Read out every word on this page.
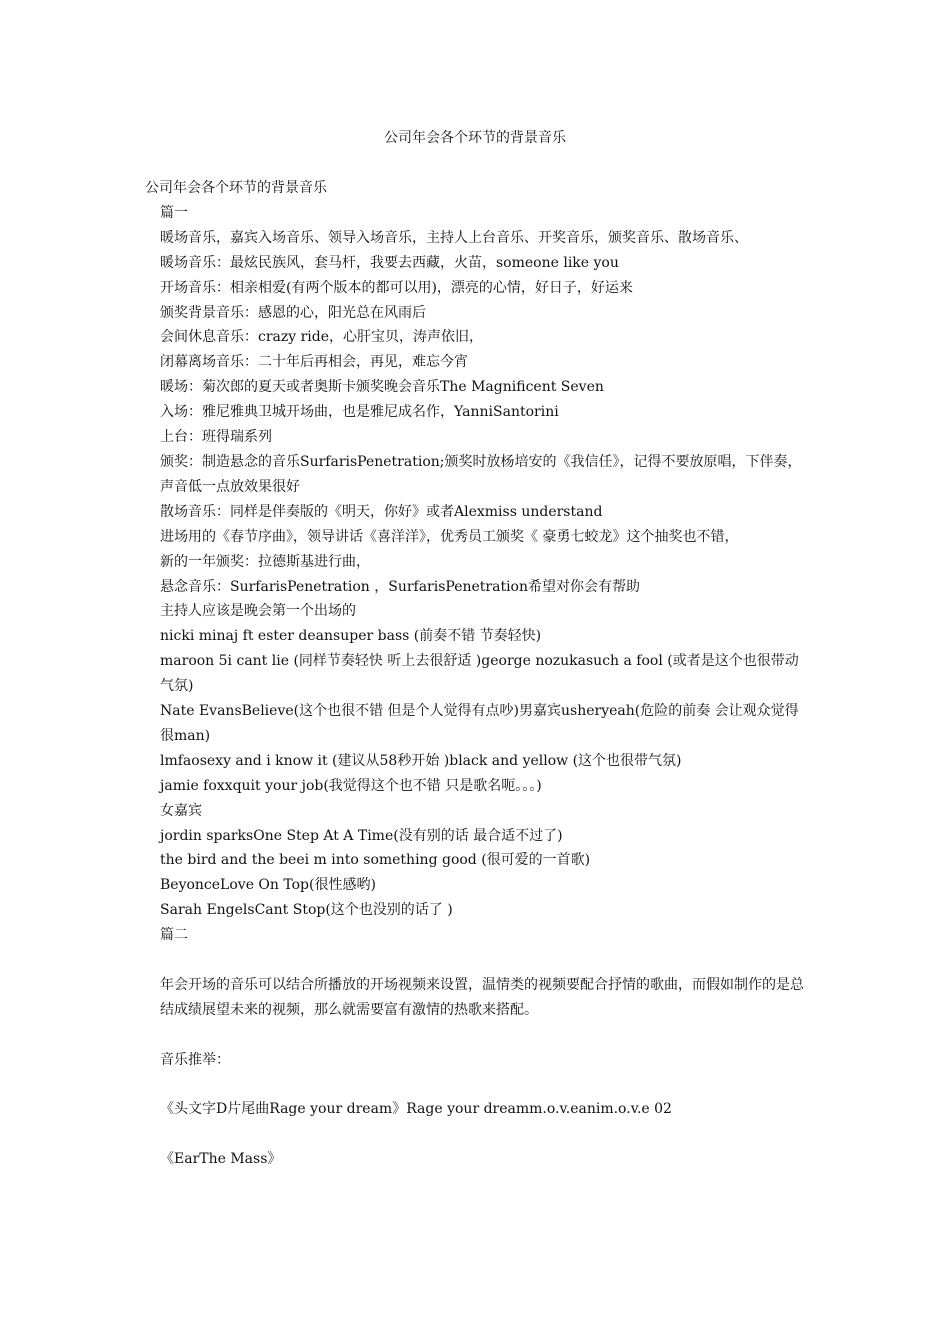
公司年会各个环节的背景音乐

公司年会各个环节的背景音乐

篇一

暖场音乐，嘉宾入场音乐、领导入场音乐，主持人上台音乐、开奖音乐，颁奖音乐、散场音乐、

暖场音乐：最炫民族风，套马杆，我要去西藏，火苗，someone like you

开场音乐：相亲相爱(有两个版本的都可以用)，漂亮的心情，好日子，好运来

颁奖背景音乐：感恩的心，阳光总在风雨后

会间休息音乐：crazy ride，心肝宝贝，涛声依旧，

闭幕离场音乐：二十年后再相会，再见，难忘今宵

暖场：菊次郎的夏天或者奥斯卡颁奖晚会音乐The Magnificent Seven

入场：雅尼雅典卫城开场曲，也是雅尼成名作，YanniSantorini

上台：班得瑞系列

颁奖：制造悬念的音乐SurfarisPenetration;颁奖时放杨培安的《我信任》，记得不要放原唱，下伴奏，声音低一点放效果很好

散场音乐：同样是伴奏版的《明天，你好》或者Alexmiss understand

进场用的《春节序曲》，领导讲话《喜洋洋》，优秀员工颁奖《 豪勇七蛟龙》这个抽奖也不错，

新的一年颁奖：拉德斯基进行曲，

悬念音乐：SurfarisPenetration ，SurfarisPenetration希望对你会有帮助

主持人应该是晚会第一个出场的

nicki minaj ft ester deansuper bass (前奏不错 节奏轻快)

maroon 5i cant lie (同样节奏轻快 听上去很舒适 )george nozukasuch a fool (或者是这个也很带动气氛)

Nate EvansBelieve(这个也很不错 但是个人觉得有点吵)男嘉宾usheryeah(危险的前奏 会让观众觉得很man)

lmfaosexy and i know it (建议从58秒开始 )black and yellow (这个也很带气氛)

jamie foxxquit your job(我觉得这个也不错 只是歌名呃。。。)

女嘉宾

jordin sparksOne Step At A Time(没有别的话 最合适不过了)

the bird and the beei m into something good (很可爱的一首歌)

BeyonceLove On Top(很性感哟)

Sarah EngelsCant Stop(这个也没别的话了 )

篇二

年会开场的音乐可以结合所播放的开场视频来设置，温情类的视频要配合抒情的歌曲，而假如制作的是总结成绩展望未来的视频，那么就需要富有激情的热歌来搭配。

音乐推举：

《头文字D片尾曲Rage your dream》Rage your dreamm.o.v.eanim.o.v.e 02

《EarThe Mass》
